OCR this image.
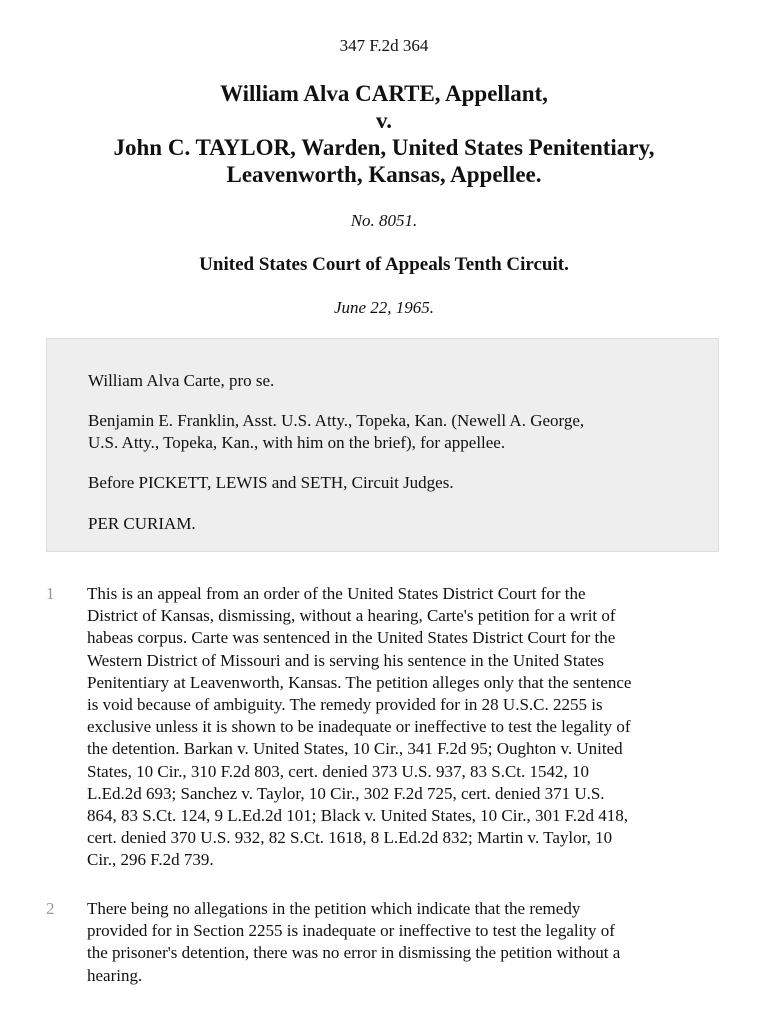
347 F.2d 364
William Alva CARTE, Appellant,
v.
John C. TAYLOR, Warden, United States Penitentiary,
Leavenworth, Kansas, Appellee.
No. 8051.
United States Court of Appeals Tenth Circuit.
June 22, 1965.
William Alva Carte, pro se.
Benjamin E. Franklin, Asst. U.S. Atty., Topeka, Kan. (Newell A. George,
U.S. Atty., Topeka, Kan., with him on the brief), for appellee.
Before PICKETT, LEWIS and SETH, Circuit Judges.
PER CURIAM.
1 This is an appeal from an order of the United States District Court for the
District of Kansas, dismissing, without a hearing, Carte's petition for a writ of
habeas corpus. Carte was sentenced in the United States District Court for the
Western District of Missouri and is serving his sentence in the United States
Penitentiary at Leavenworth, Kansas. The petition alleges only that the sentence
is void because of ambiguity. The remedy provided for in 28 U.S.C. 2255 is
exclusive unless it is shown to be inadequate or ineffective to test the legality of
the detention. Barkan v. United States, 10 Cir., 341 F.2d 95; Oughton v. United
States, 10 Cir., 310 F.2d 803, cert. denied 373 U.S. 937, 83 S.Ct. 1542, 10
L.Ed.2d 693; Sanchez v. Taylor, 10 Cir., 302 F.2d 725, cert. denied 371 U.S.
864, 83 S.Ct. 124, 9 L.Ed.2d 101; Black v. United States, 10 Cir., 301 F.2d 418,
cert. denied 370 U.S. 932, 82 S.Ct. 1618, 8 L.Ed.2d 832; Martin v. Taylor, 10
Cir., 296 F.2d 739.
2 There being no allegations in the petition which indicate that the remedy
provided for in Section 2255 is inadequate or ineffective to test the legality of
the prisoner's detention, there was no error in dismissing the petition without a
hearing.
